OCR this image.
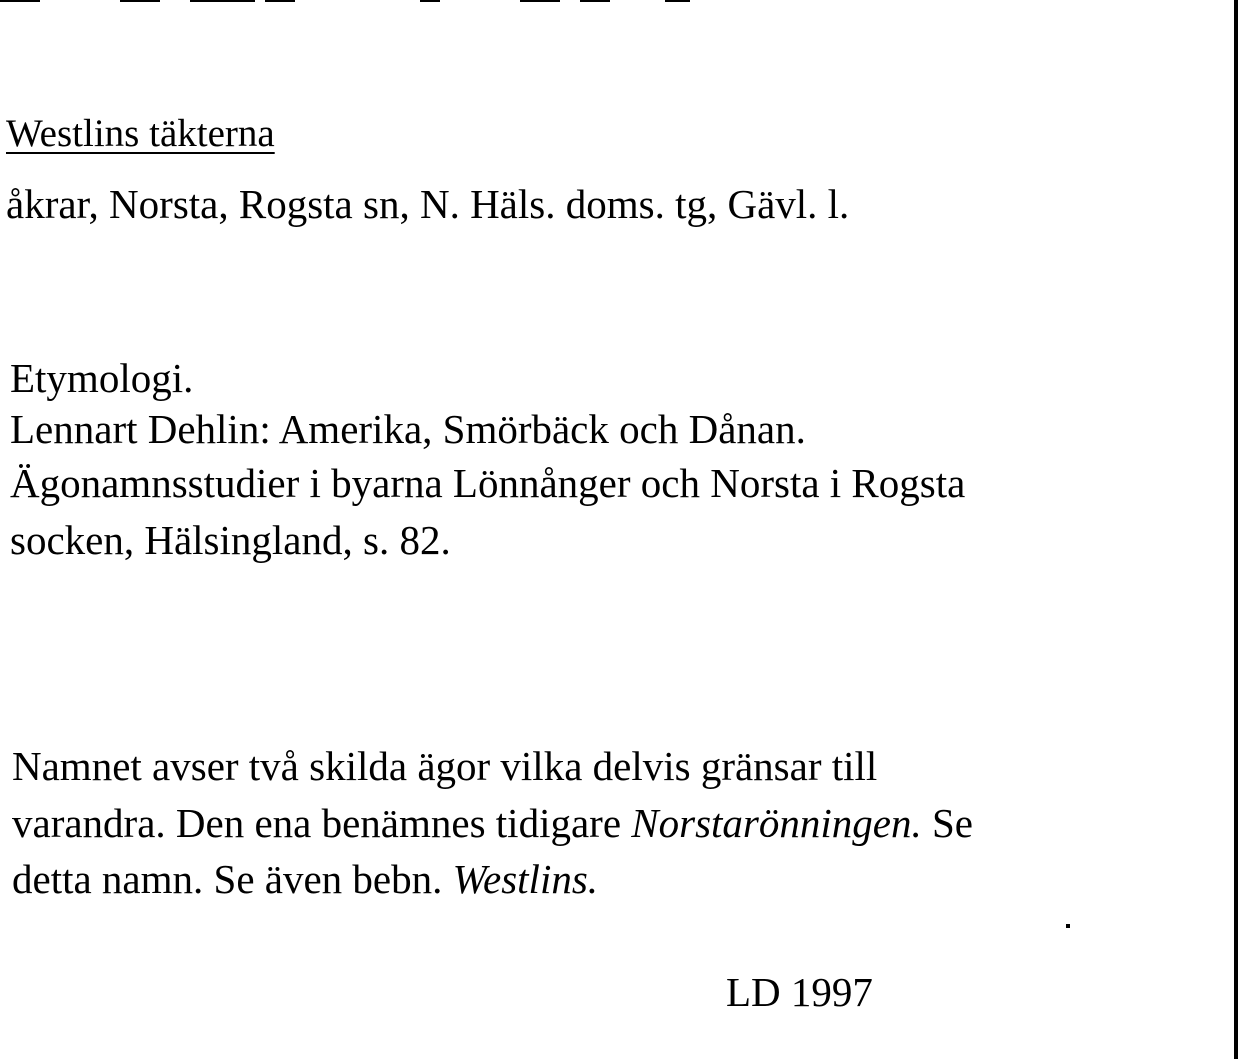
Westlins täkterna
åkrar, Norsta, Rogsta sn, N. Häls. doms. tg, Gävl. l.
Etymologi.
Lennart Dehlin: Amerika, Smörbäck och Dånan.
Ägonamnsstudier i byarna Lönnånger och Norsta i Rogsta
socken, Hälsingland, s. 82.
Namnet avser två skilda ägor vilka delvis gränsar till
varandra. Den ena benämnes tidigare Norstarönningen. Se
detta namn. Se även bebn. Westlins.
LD 1997
